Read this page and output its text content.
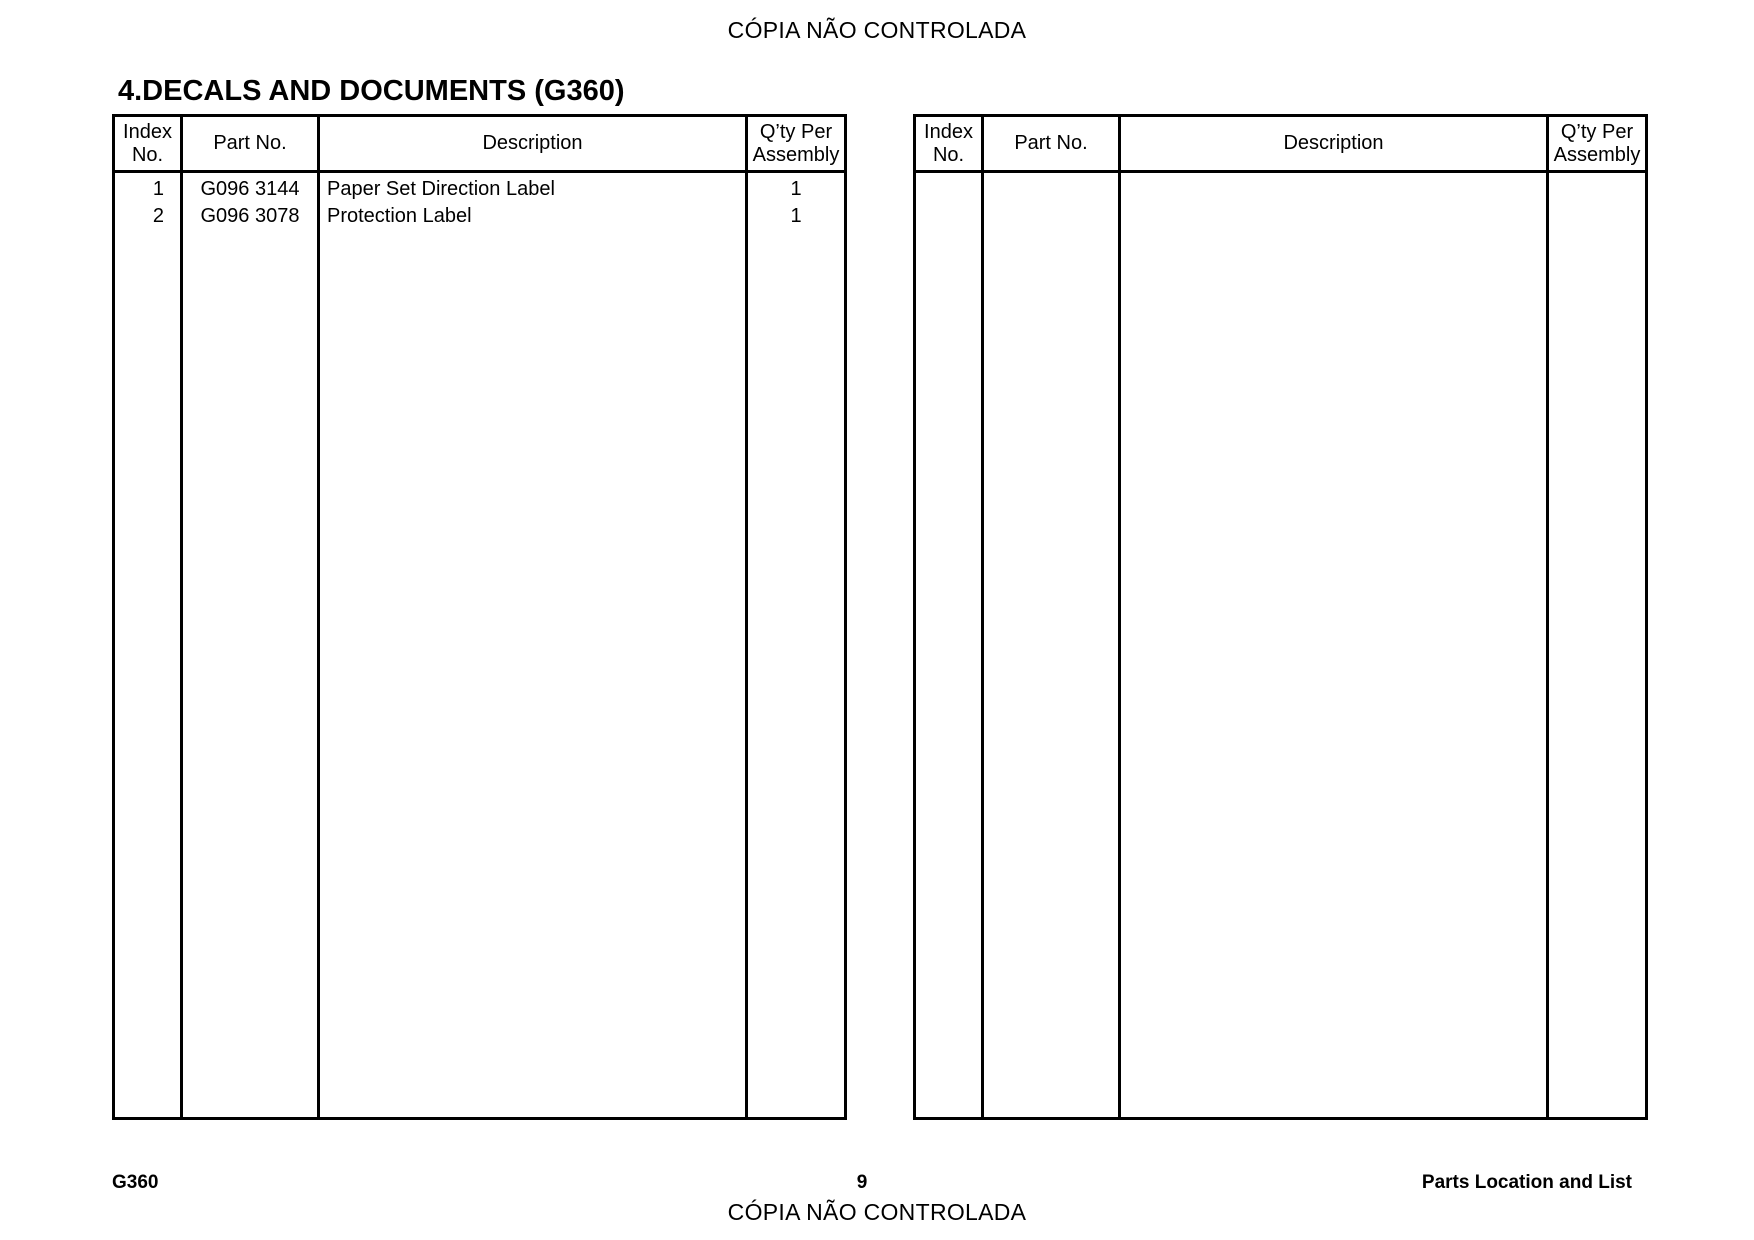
CÓPIA NÃO CONTROLADA
4.DECALS AND DOCUMENTS (G360)
Index
No.	Part No.	Description	Q’ty Per
Assembly
1	G096 3144	Paper Set Direction Label	1
2	G096 3078	Protection Label	1

Index
No.	Part No.	Description	Q’ty Per
Assembly

G360	9	Parts Location and List
CÓPIA NÃO CONTROLADA
